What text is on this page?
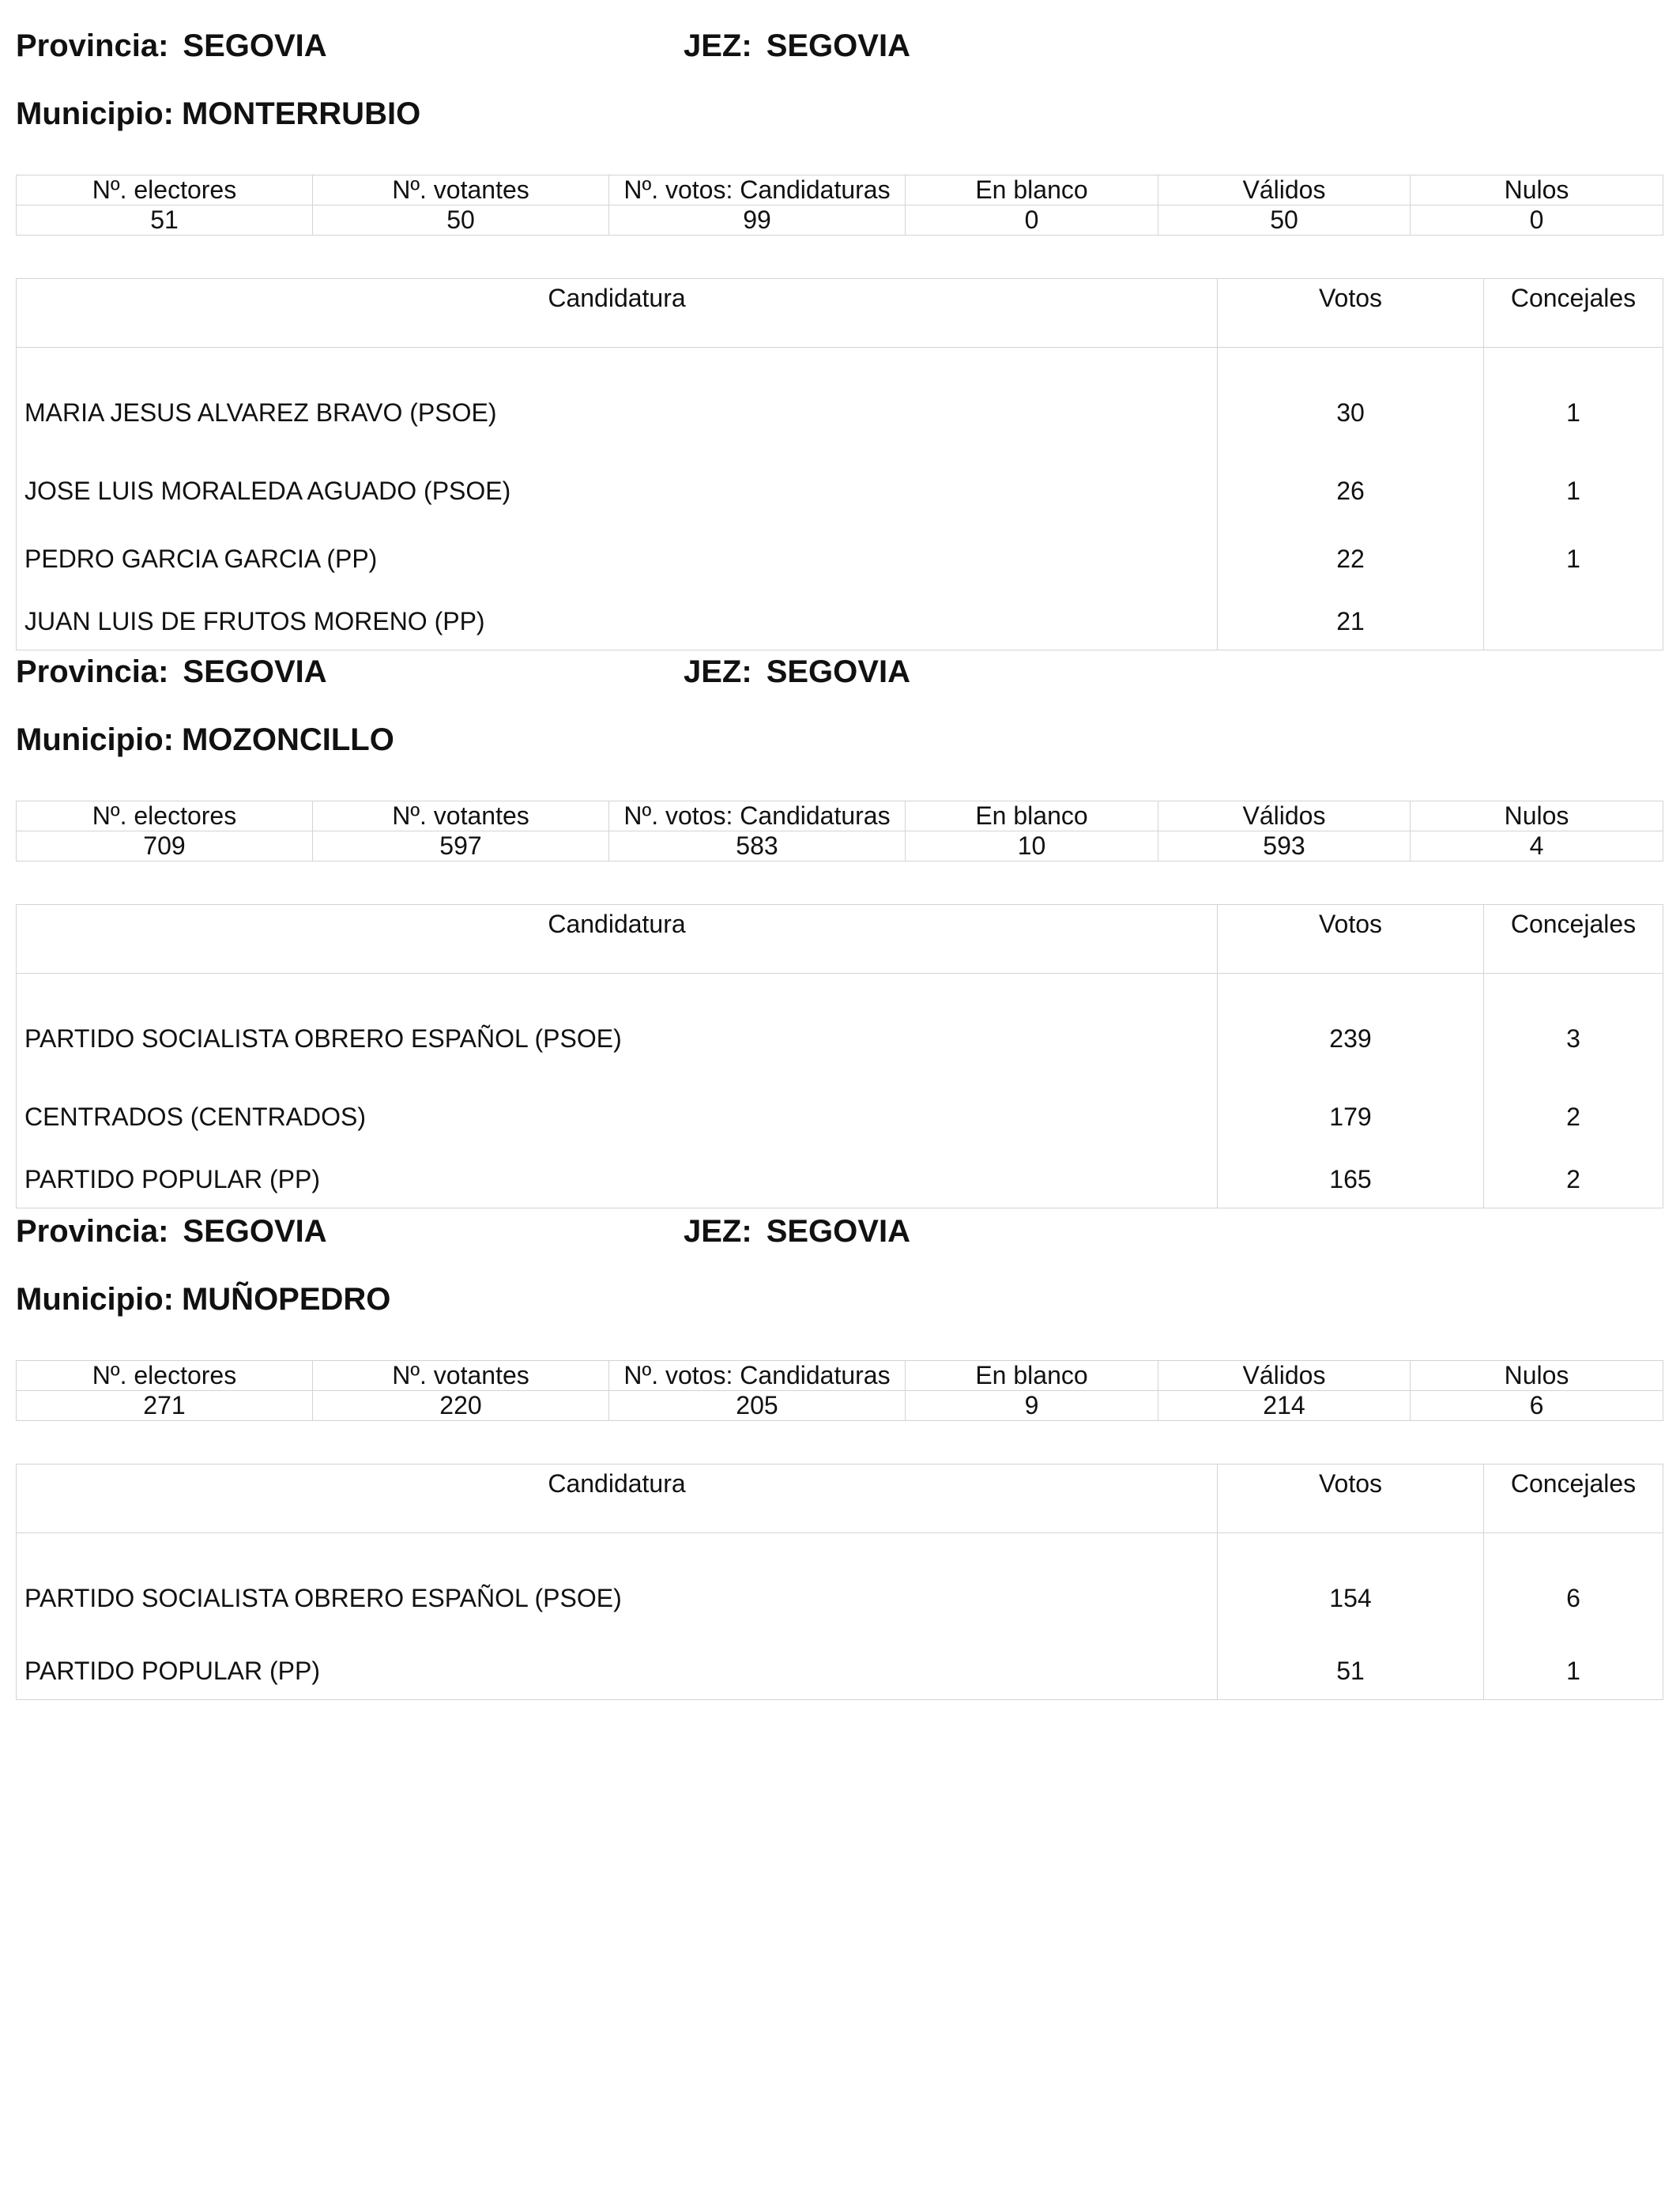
Provincia: SEGOVIA	JEZ: SEGOVIA
Municipio: MONTERRUBIO
Nº. electores	Nº. votantes	Nº. votos: Candidaturas	En blanco	Válidos	Nulos
51	50	99	0	50	0
Candidatura	Votos	Concejales
MARIA JESUS ALVAREZ BRAVO (PSOE)	30	1
JOSE LUIS MORALEDA AGUADO (PSOE)	26	1
PEDRO GARCIA GARCIA (PP)	22	1
JUAN LUIS DE FRUTOS MORENO (PP)	21	
Provincia: SEGOVIA	JEZ: SEGOVIA
Municipio: MOZONCILLO
Nº. electores	Nº. votantes	Nº. votos: Candidaturas	En blanco	Válidos	Nulos
709	597	583	10	593	4
Candidatura	Votos	Concejales
PARTIDO SOCIALISTA OBRERO ESPAÑOL (PSOE)	239	3
CENTRADOS (CENTRADOS)	179	2
PARTIDO POPULAR (PP)	165	2
Provincia: SEGOVIA	JEZ: SEGOVIA
Municipio: MUÑOPEDRO
Nº. electores	Nº. votantes	Nº. votos: Candidaturas	En blanco	Válidos	Nulos
271	220	205	9	214	6
Candidatura	Votos	Concejales
PARTIDO SOCIALISTA OBRERO ESPAÑOL (PSOE)	154	6
PARTIDO POPULAR (PP)	51	1
